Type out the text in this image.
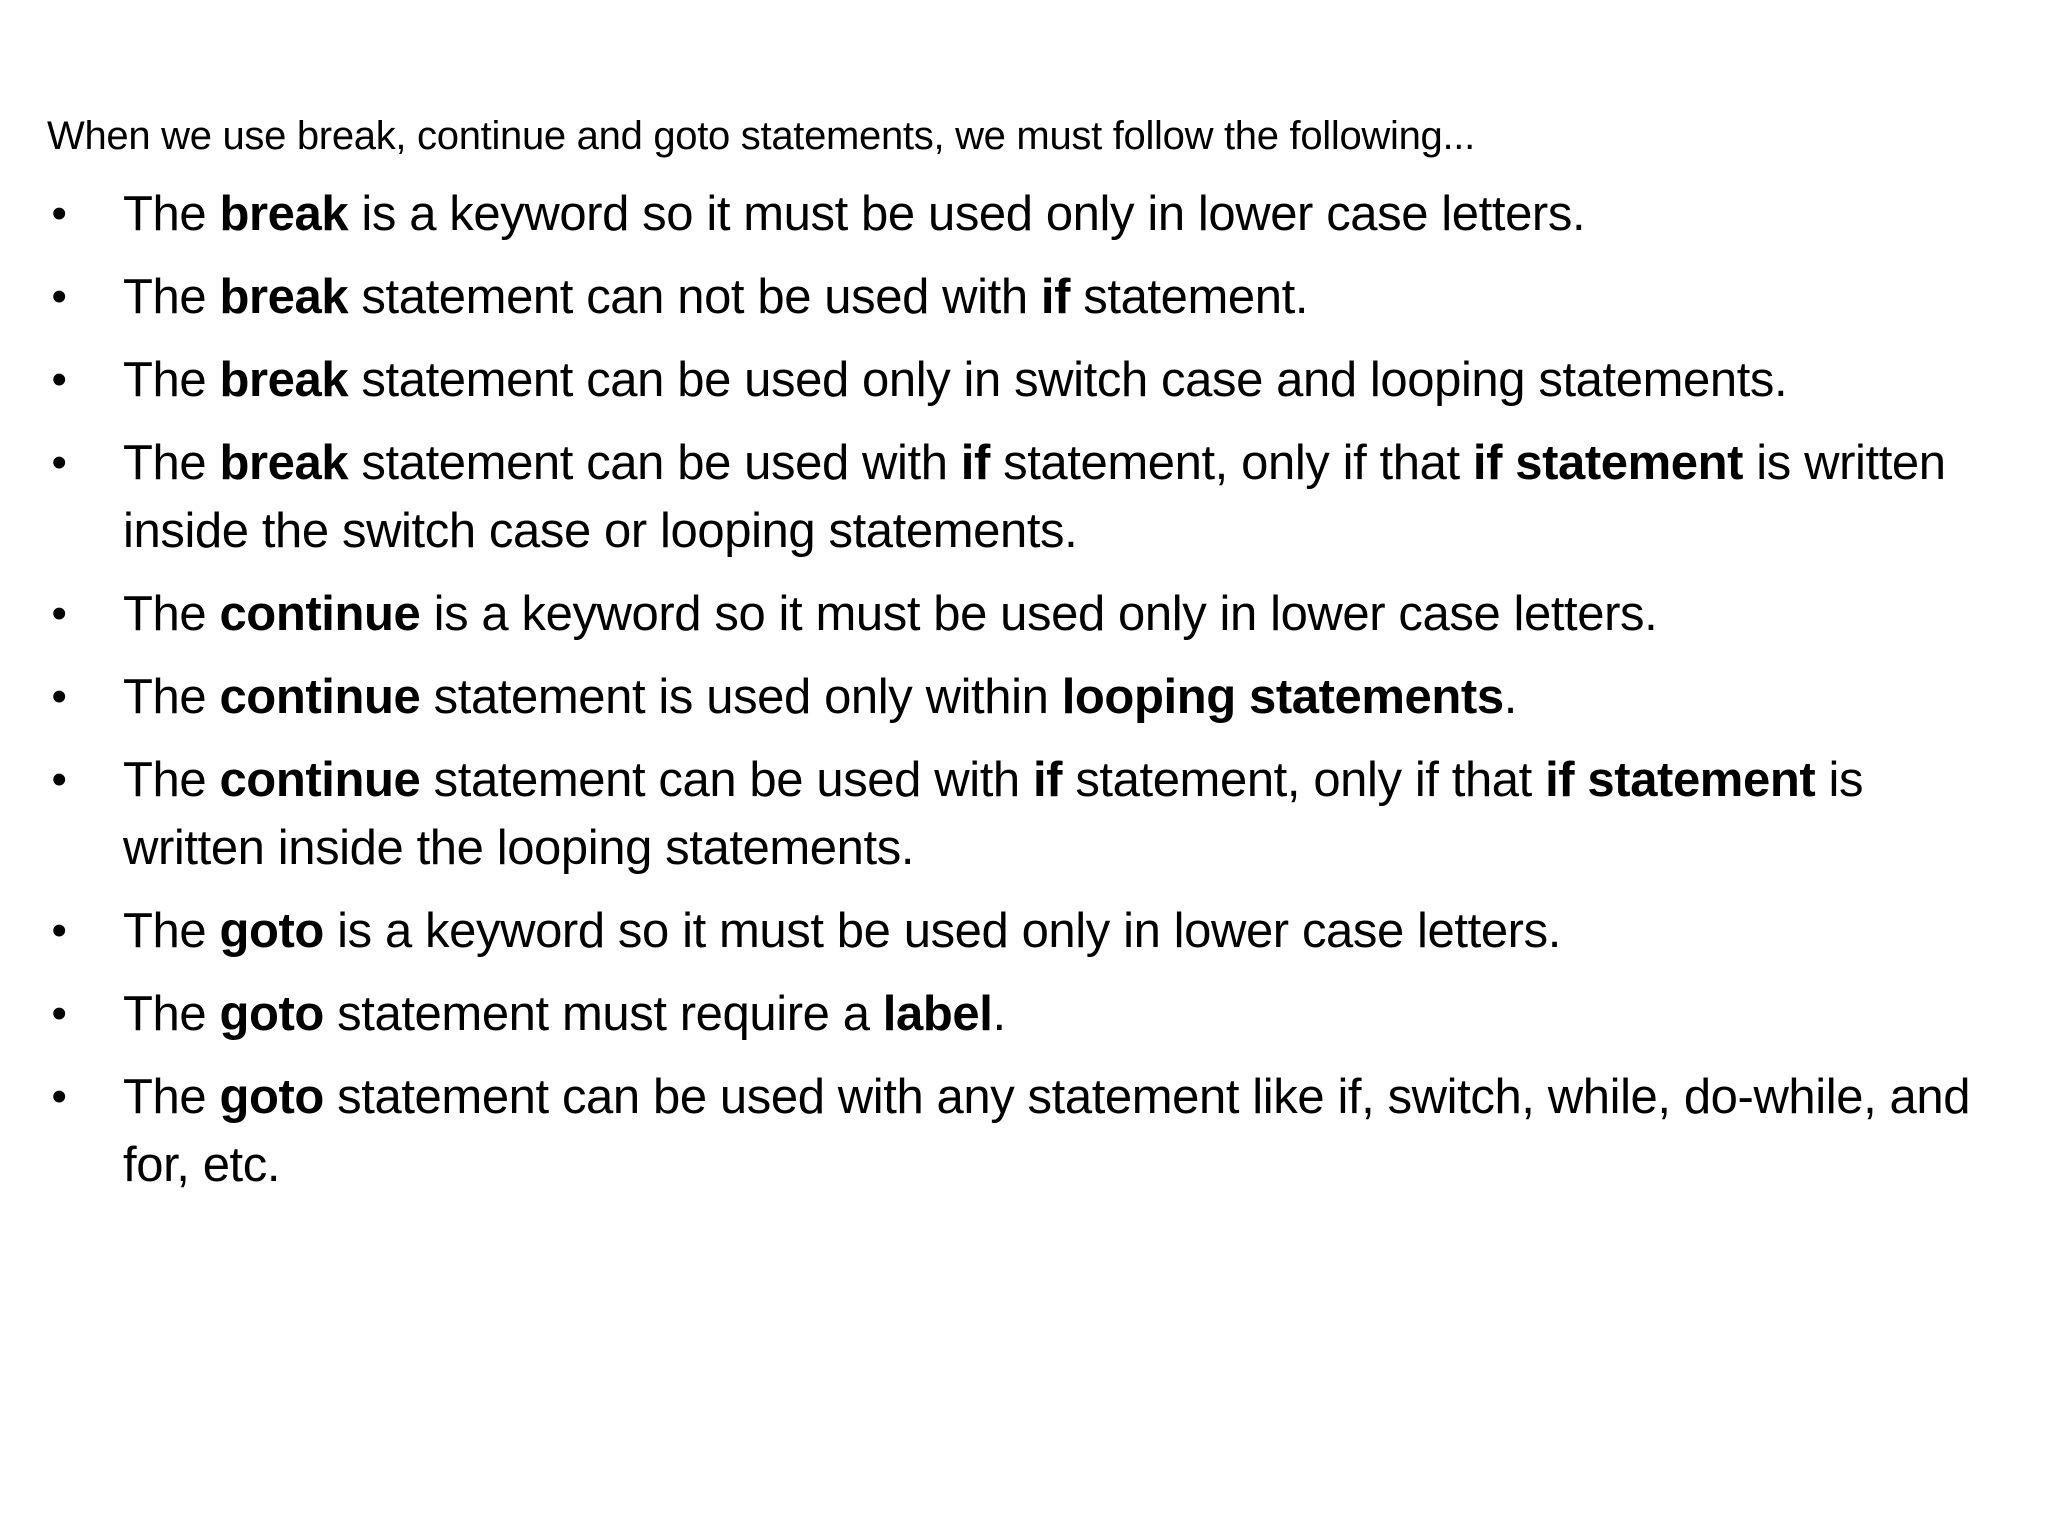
When we use break, continue and goto statements, we must follow the following...
• The break is a keyword so it must be used only in lower case letters.
• The break statement can not be used with if statement.
• The break statement can be used only in switch case and looping statements.
• The break statement can be used with if statement, only if that if statement is written inside the switch case or looping statements.
• The continue is a keyword so it must be used only in lower case letters.
• The continue statement is used only within looping statements.
• The continue statement can be used with if statement, only if that if statement is written inside the looping statements.
• The goto is a keyword so it must be used only in lower case letters.
• The goto statement must require a label.
• The goto statement can be used with any statement like if, switch, while, do-while, and for, etc.
